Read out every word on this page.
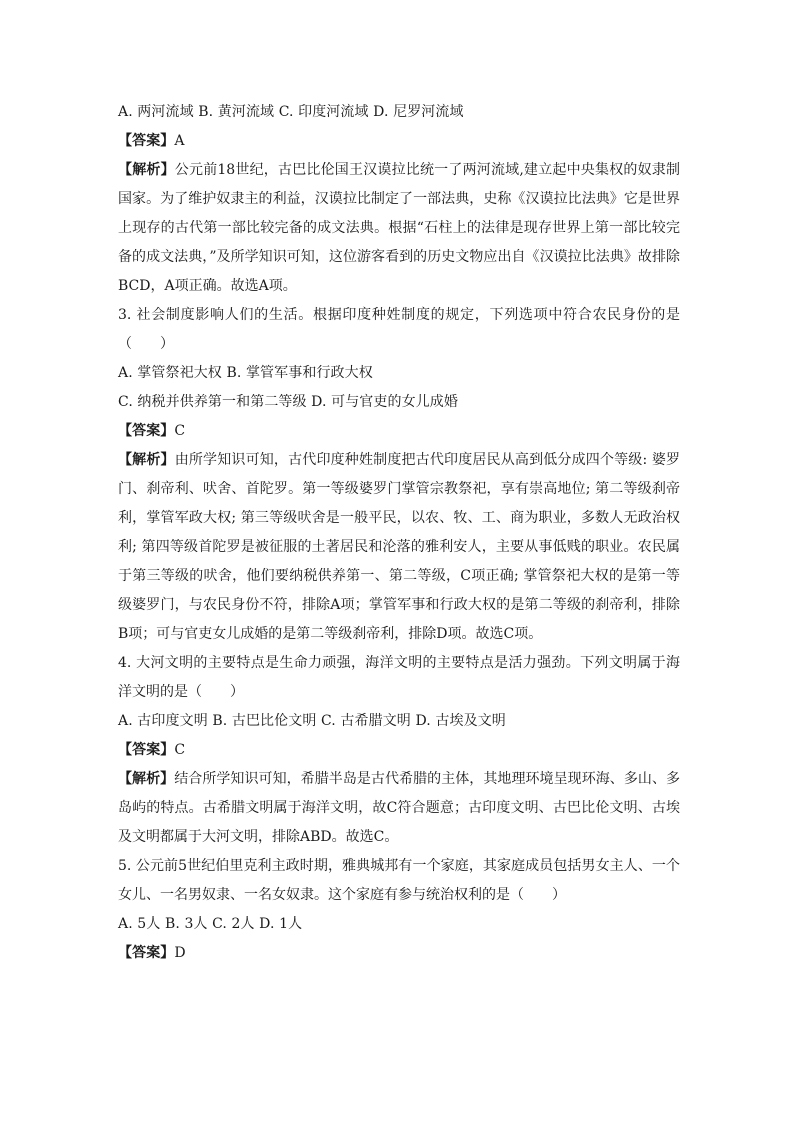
A. 两河流域 B. 黄河流域 C. 印度河流域 D. 尼罗河流域
【答案】A

【解析】公元前18世纪，古巴比伦国王汉谟拉比统一了两河流域,建立起中央集权的奴隶制国家。为了维护奴隶主的利益，汉谟拉比制定了一部法典，史称《汉谟拉比法典》它是世界上现存的古代第一部比较完备的成文法典。根据“石柱上的法律是现存世界上第一部比较完备的成文法典，”及所学知识可知，这位游客看到的历史文物应出自《汉谟拉比法典》故排除BCD，A项正确。故选A项。

3. 社会制度影响人们的生活。根据印度种姓制度的规定，下列选项中符合农民身份的是（　　）

A. 掌管祭祀大权 B. 掌管军事和行政大权
C. 纳税并供养第一和第二等级 D. 可与官吏的女儿成婚
【答案】C

【解析】由所学知识可知，古代印度种姓制度把古代印度居民从高到低分成四个等级: 婆罗门、刹帝利、吠舍、首陀罗。第一等级婆罗门掌管宗教祭祀，享有崇高地位; 第二等级刹帝利，掌管军政大权; 第三等级吠舍是一般平民，以农、牧、工、商为职业，多数人无政治权利; 第四等级首陀罗是被征服的土著居民和沦落的雅利安人，主要从事低贱的职业。农民属于第三等级的吠舍，他们要纳税供养第一、第二等级，C项正确; 掌管祭祀大权的是第一等级婆罗门，与农民身份不符，排除A项；掌管军事和行政大权的是第二等级的刹帝利，排除B项；可与官吏女儿成婚的是第二等级刹帝利，排除D项。故选C项。

4. 大河文明的主要特点是生命力顽强，海洋文明的主要特点是活力强劲。下列文明属于海洋文明的是（　　）

A. 古印度文明 B. 古巴比伦文明 C. 古希腊文明 D. 古埃及文明
【答案】C

【解析】结合所学知识可知，希腊半岛是古代希腊的主体，其地理环境呈现环海、多山、多岛屿的特点。古希腊文明属于海洋文明，故C符合题意；古印度文明、古巴比伦文明、古埃及文明都属于大河文明，排除ABD。故选C。

5. 公元前5世纪伯里克利主政时期，雅典城邦有一个家庭，其家庭成员包括男女主人、一个女儿、一名男奴隶、一名女奴隶。这个家庭有参与统治权利的是（　　）

A. 5人 B. 3人 C. 2人 D. 1人
【答案】D
